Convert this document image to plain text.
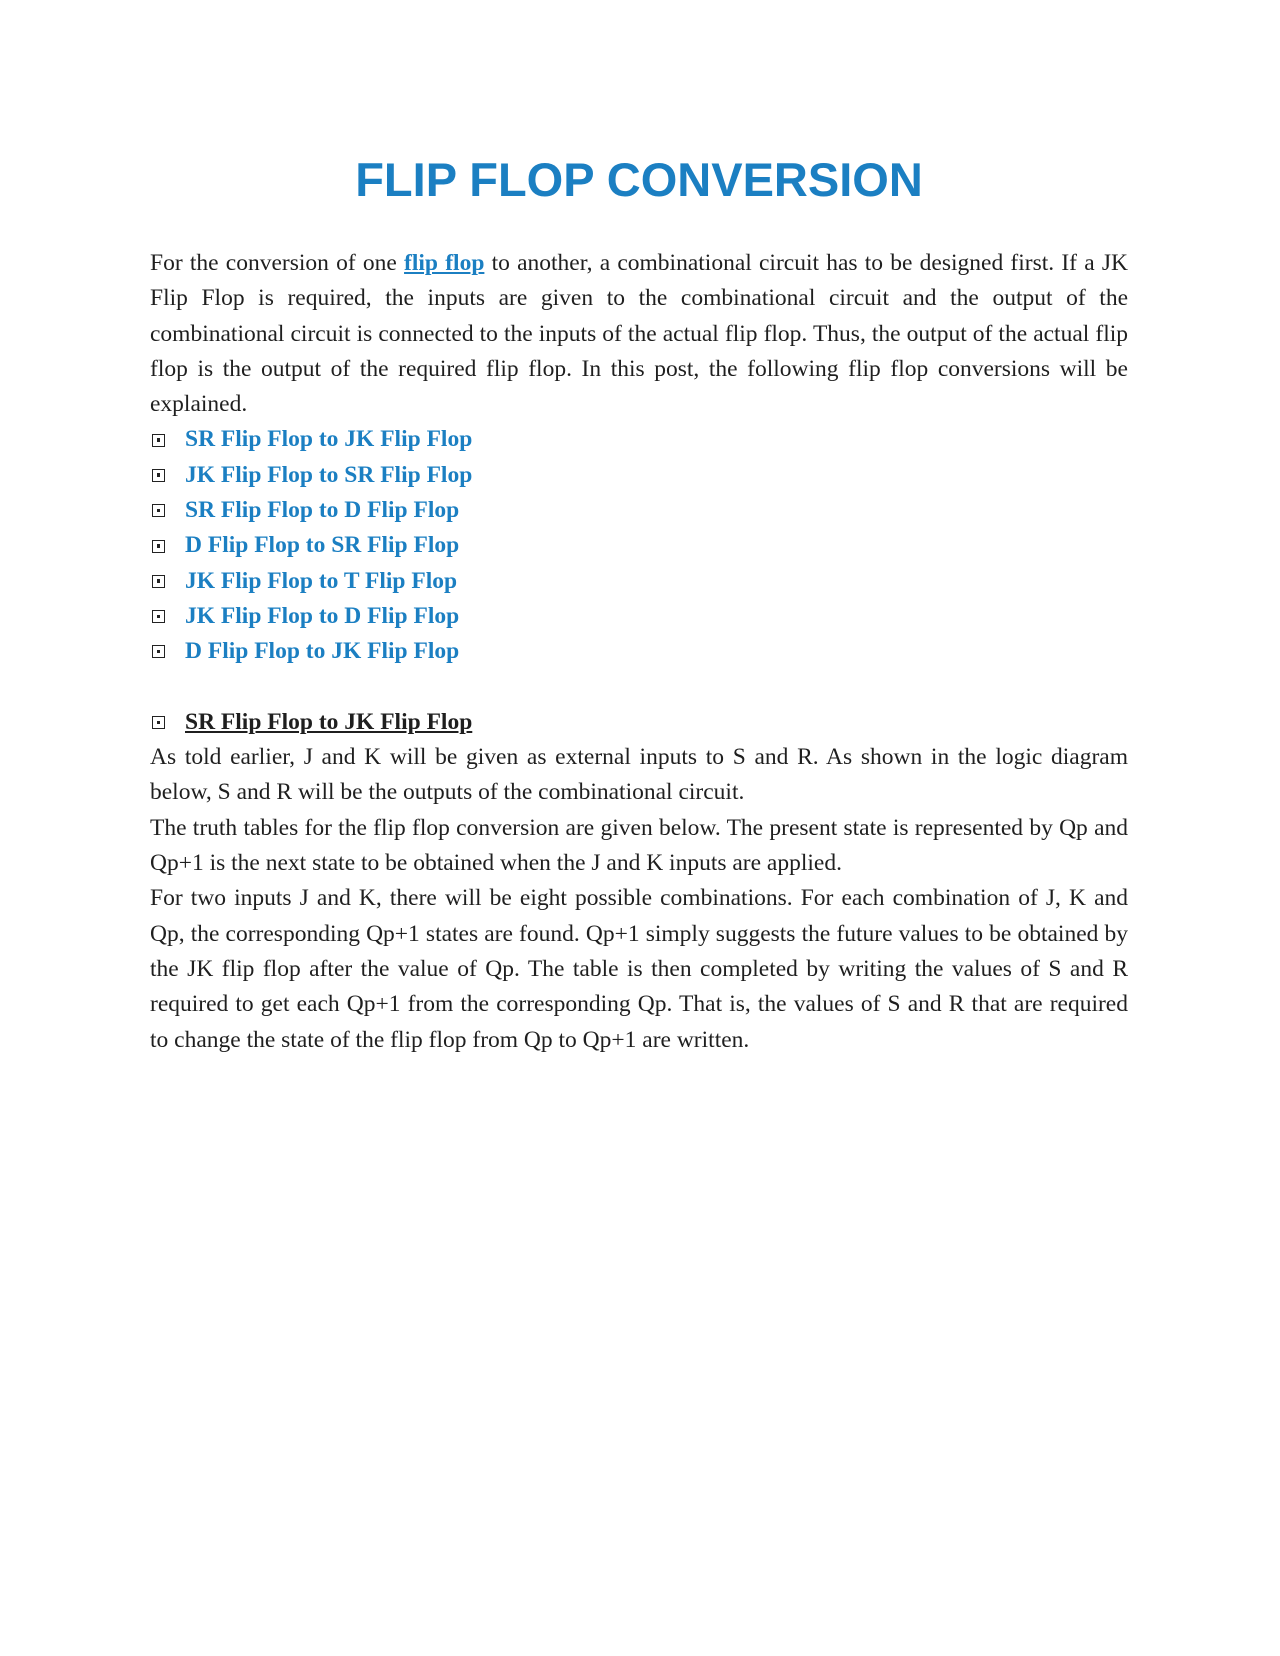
FLIP FLOP CONVERSION

For the conversion of one flip flop to another, a combinational circuit has to be designed first. If a JK Flip Flop is required, the inputs are given to the combinational circuit and the output of the combinational circuit is connected to the inputs of the actual flip flop. Thus, the output of the actual flip flop is the output of the required flip flop. In this post, the following flip flop conversions will be explained.

SR Flip Flop to JK Flip Flop
JK Flip Flop to SR Flip Flop
SR Flip Flop to D Flip Flop
D Flip Flop to SR Flip Flop
JK Flip Flop to T Flip Flop
JK Flip Flop to D Flip Flop
D Flip Flop to JK Flip Flop
SR Flip Flop to JK Flip Flop

As told earlier, J and K will be given as external inputs to S and R. As shown in the logic diagram below, S and R will be the outputs of the combinational circuit.

The truth tables for the flip flop conversion are given below. The present state is represented by Qp and Qp+1 is the next state to be obtained when the J and K inputs are applied.

For two inputs J and K, there will be eight possible combinations. For each combination of J, K and Qp, the corresponding Qp+1 states are found. Qp+1 simply suggests the future values to be obtained by the JK flip flop after the value of Qp. The table is then completed by writing the values of S and R required to get each Qp+1 from the corresponding Qp. That is, the values of S and R that are required to change the state of the flip flop from Qp to Qp+1 are written.
